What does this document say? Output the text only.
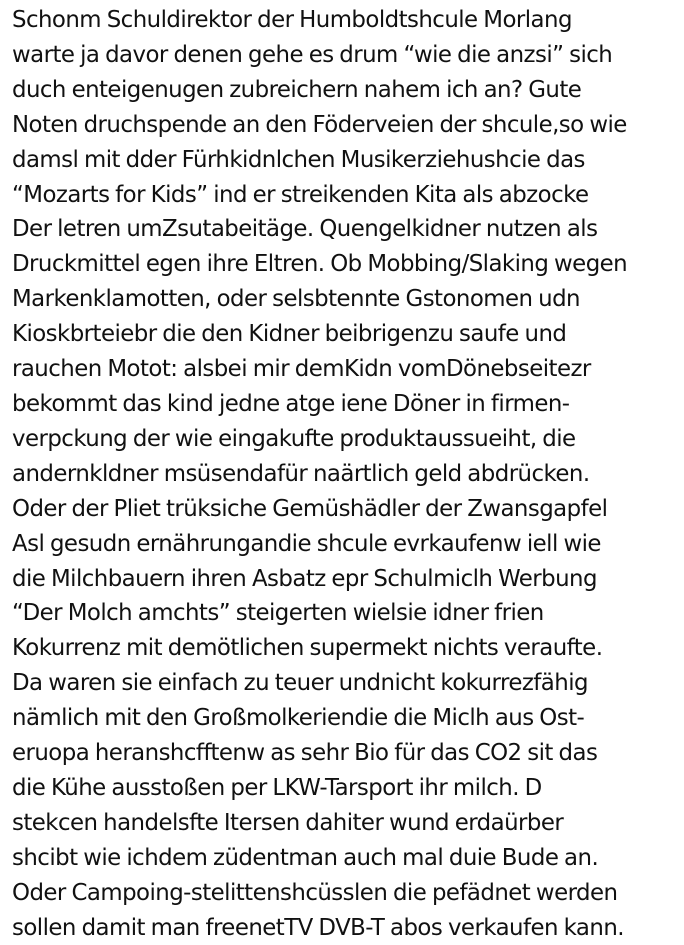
Schonm Schuldirektor der Humboldtshcule Morlang
warte ja davor denen gehe es drum “wie die anzsi” sich
duch enteigenugen zubreichern nahem ich an? Gute
Noten druchspende an den Föderveien der shcule,so wie
damsl mit dder Fürhkidnlchen Musikerziehushcie das
“Mozarts for Kids” ind er streikenden Kita als abzocke
Der letren umZsutabeitäge. Quengelkidner nutzen als
Druckmittel egen ihre Eltren. Ob Mobbing/Slaking wegen
Markenklamotten, oder selsbtennte Gstonomen udn
Kioskbrteiebr die den Kidner beibrigenzu saufe und
rauchen Motot: alsbei mir demKidn vomDönebseitezr
bekommt das kind jedne atge iene Döner in firmen-
verpckung der wie eingakufte produktaussueiht, die
andernkldner msüsendafür naärtlich geld abdrücken.
Oder der Pliet trüksiche Gemüshädler der Zwansgapfel
Asl gesudn ernährungandie shcule evrkaufenw iell wie
die Milchbauern ihren Asbatz epr Schulmiclh Werbung
“Der Molch amchts” steigerten wielsie idner frien
Kokurrenz mit demötlichen supermekt nichts veraufte.
Da waren sie einfach zu teuer undnicht kokurrezfähig
nämlich mit den Großmolkeriendie die Miclh aus Ost-
eruopa heranshcfftenw as sehr Bio für das CO2 sit das
die Kühe ausstoßen per LKW-Tarsport ihr milch. D
stekcen handelsfte Itersen dahiter wund erdaürber
shcibt wie ichdem züdentman auch mal duie Bude an.
Oder Campoing-stelittenshcüsslen die pefädnet werden
sollen damit man freenetTV DVB-T abos verkaufen kann.
